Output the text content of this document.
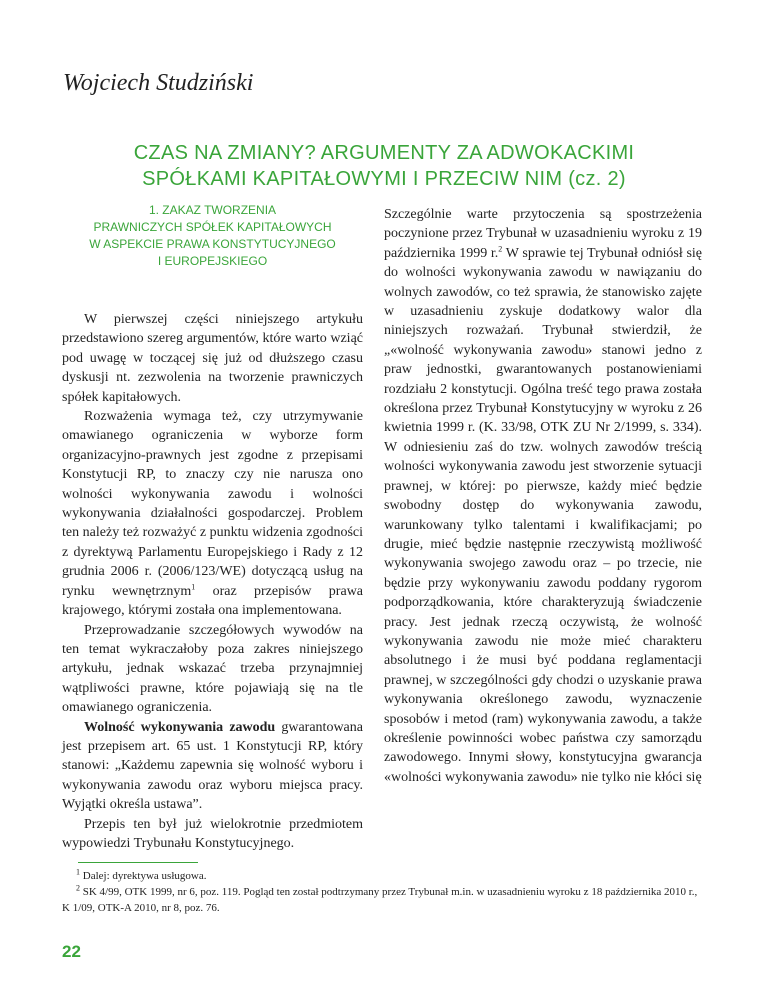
Wojciech Studziński
CZAS NA ZMIANY? ARGUMENTY ZA ADWOKACKIMI
SPÓŁKAMI KAPITAŁOWYMI I PRZECIW NIM (cz. 2)
1. ZAKAZ TWORZENIA
PRAWNICZYCH SPÓŁEK KAPITAŁOWYCH
W ASPEKCIE PRAWA KONSTYTUCYJNEGO
I EUROPEJSKIEGO

W pierwszej części niniejszego artykułu przedstawiono szereg argumentów, które warto wziąć pod uwagę w toczącej się już od dłuższego czasu dyskusji nt. zezwolenia na tworzenie prawniczych spółek kapitałowych.

Rozważenia wymaga też, czy utrzymywanie omawianego ograniczenia w wyborze form organizacyjno-prawnych jest zgodne z przepisami Konstytucji RP, to znaczy czy nie narusza ono wolności wykonywania zawodu i wolności wykonywania działalności gospodarczej. Problem ten należy też rozważyć z punktu widzenia zgodności z dyrektywą Parlamentu Europejskiego i Rady z 12 grudnia 2006 r. (2006/123/WE) dotyczącą usług na rynku wewnętrznym$^1$ oraz przepisów prawa krajowego, którymi została ona implementowana.

Przeprowadzanie szczegółowych wywodów na ten temat wykraczałoby poza zakres niniejszego artykułu, jednak wskazać trzeba przynajmniej wątpliwości prawne, które pojawiają się na tle omawianego ograniczenia.

Wolność wykonywania zawodu gwarantowana jest przepisem art. 65 ust. 1 Konstytucji RP, który stanowi: „Każdemu zapewnia się wolność wyboru i wykonywania zawodu oraz wyboru miejsca pracy. Wyjątki określa ustawa”.

Przepis ten był już wielokrotnie przedmiotem wypowiedzi Trybunału Konstytucyjnego.

Szczególnie warte przytoczenia są spostrzeżenia poczynione przez Trybunał w uzasadnieniu wyroku z 19 października 1999 r.$^2$ W sprawie tej Trybunał odniósł się do wolności wykonywania zawodu w nawiązaniu do wolnych zawodów, co też sprawia, że stanowisko zajęte w uzasadnieniu zyskuje dodatkowy walor dla niniejszych rozważań. Trybunał stwierdził, że „«wolność wykonywania zawodu» stanowi jedno z praw jednostki, gwarantowanych postanowieniami rozdziału 2 konstytucji. Ogólna treść tego prawa została określona przez Trybunał Konstytucyjny w wyroku z 26 kwietnia 1999 r. (K. 33/98, OTK ZU Nr 2/1999, s. 334). W odniesieniu zaś do tzw. wolnych zawodów treścią wolności wykonywania zawodu jest stworzenie sytuacji prawnej, w której: po pierwsze, każdy mieć będzie swobodny dostęp do wykonywania zawodu, warunkowany tylko talentami i kwalifikacjami; po drugie, mieć będzie następnie rzeczywistą możliwość wykonywania swojego zawodu oraz – po trzecie, nie będzie przy wykonywaniu zawodu poddany rygorom podporządkowania, które charakteryzują świadczenie pracy. Jest jednak rzeczą oczywistą, że wolność wykonywania zawodu nie może mieć charakteru absolutnego i że musi być poddana reglamentacji prawnej, w szczególności gdy chodzi o uzyskanie prawa wykonywania określonego zawodu, wyznaczenie sposobów i metod (ram) wykonywania zawodu, a także określenie powinności wobec państwa czy samorządu zawodowego. Innymi słowy, konstytucyjna gwarancja «wolności wykonywania zawodu» nie tylko nie kłóci się

$^1$ Dalej: dyrektywa usługowa.
$^2$ SK 4/99, OTK 1999, nr 6, poz. 119. Pogląd ten został podtrzymany przez Trybunał m.in. w uzasadnieniu wyroku z 18 października 2010 r., K 1/09, OTK-A 2010, nr 8, poz. 76.
22
